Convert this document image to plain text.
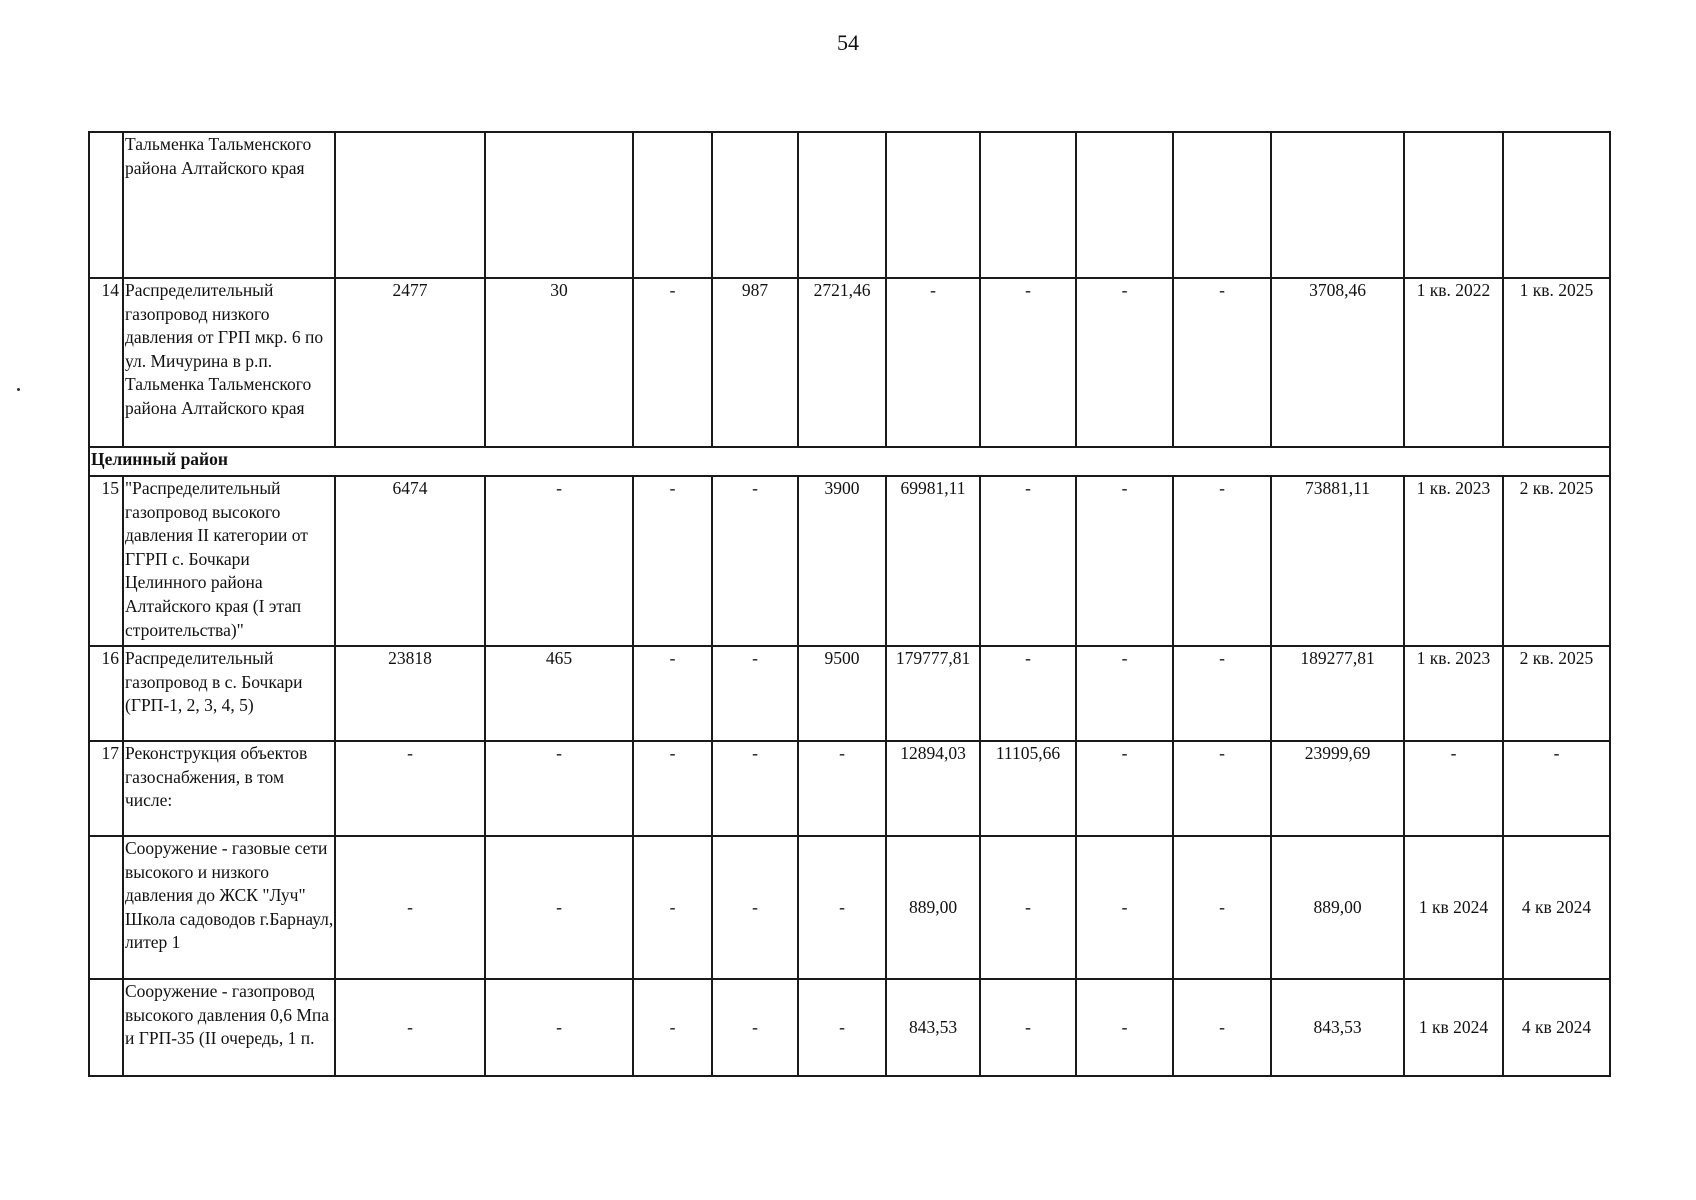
54
	Тальменка Тальменского района Алтайского края												
14	Распределительный газопровод низкого давления от ГРП мкр. 6 по ул. Мичурина в р.п. Тальменка Тальменского района Алтайского края	2477	30	-	987	2721,46	-	-	-	-	3708,46	1 кв. 2022	1 кв. 2025
Целинный район													
15	"Распределительный газопровод высокого давления II категории от ГГРП с. Бочкари Целинного района Алтайского края (I этап строительства)"	6474	-	-	-	3900	69981,11	-	-	-	73881,11	1 кв. 2023	2 кв. 2025
16	Распределительный газопровод в с. Бочкари (ГРП-1, 2, 3, 4, 5)	23818	465	-	-	9500	179777,81	-	-	-	189277,81	1 кв. 2023	2 кв. 2025
17	Реконструкция объектов газоснабжения, в том числе:	-	-	-	-	-	12894,03	11105,66	-	-	23999,69	-	-
	Сооружение - газовые сети высокого и низкого давления до ЖСК "Луч" Школа садоводов г.Барнаул, литер 1	-	-	-	-	-	889,00	-	-	-	889,00	1 кв 2024	4 кв 2024
	Сооружение - газопровод высокого давления 0,6 Мпа и ГРП-35 (II очередь, 1 п.	-	-	-	-	-	843,53	-	-	-	843,53	1 кв 2024	4 кв 2024
